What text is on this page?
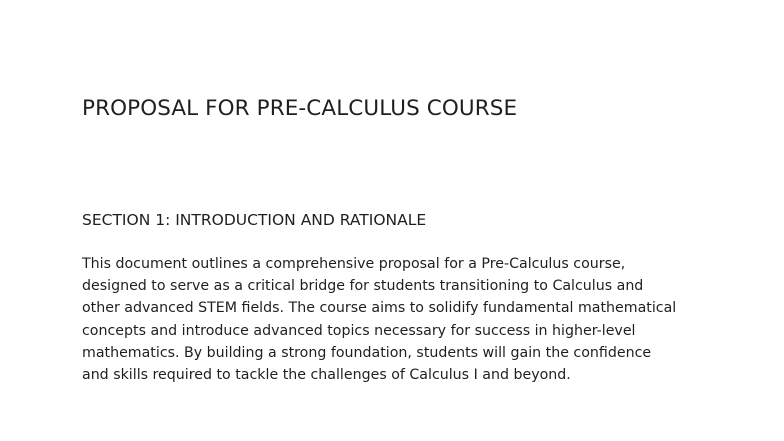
PROPOSAL FOR PRE-CALCULUS COURSE
SECTION 1: INTRODUCTION AND RATIONALE

This document outlines a comprehensive proposal for a Pre-Calculus course,
designed to serve as a critical bridge for students transitioning to Calculus and
other advanced STEM fields. The course aims to solidify fundamental mathematical
concepts and introduce advanced topics necessary for success in higher-level
mathematics. By building a strong foundation, students will gain the confidence
and skills required to tackle the challenges of Calculus I and beyond.
